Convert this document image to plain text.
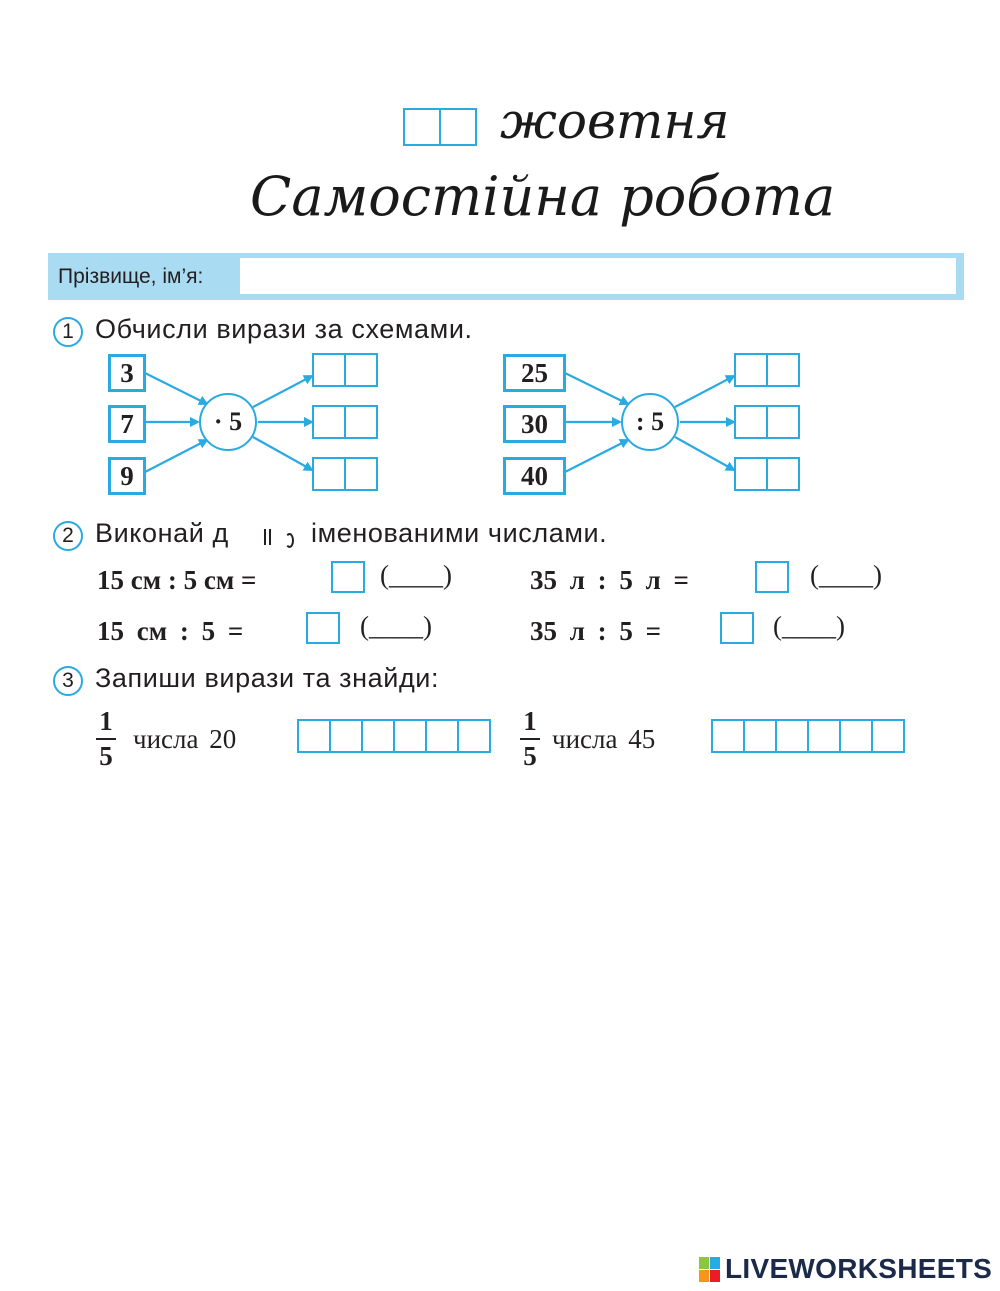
жовтня
Самостійна робота
Прізвище, ім’я:
1 Обчисли вирази за схемами.
3
7
9
· 5
25
30
40
: 5
2 Виконай д	іменованими числами.
15 см : 5 см =	(____)	35 л : 5 л =	(____)
15 см : 5 =	(____)	35 л : 5 =	(____)
3 Запиши вирази та знайди:
1
5
числа 20
1
5
числа 45
LIVEWORKSHEETS
